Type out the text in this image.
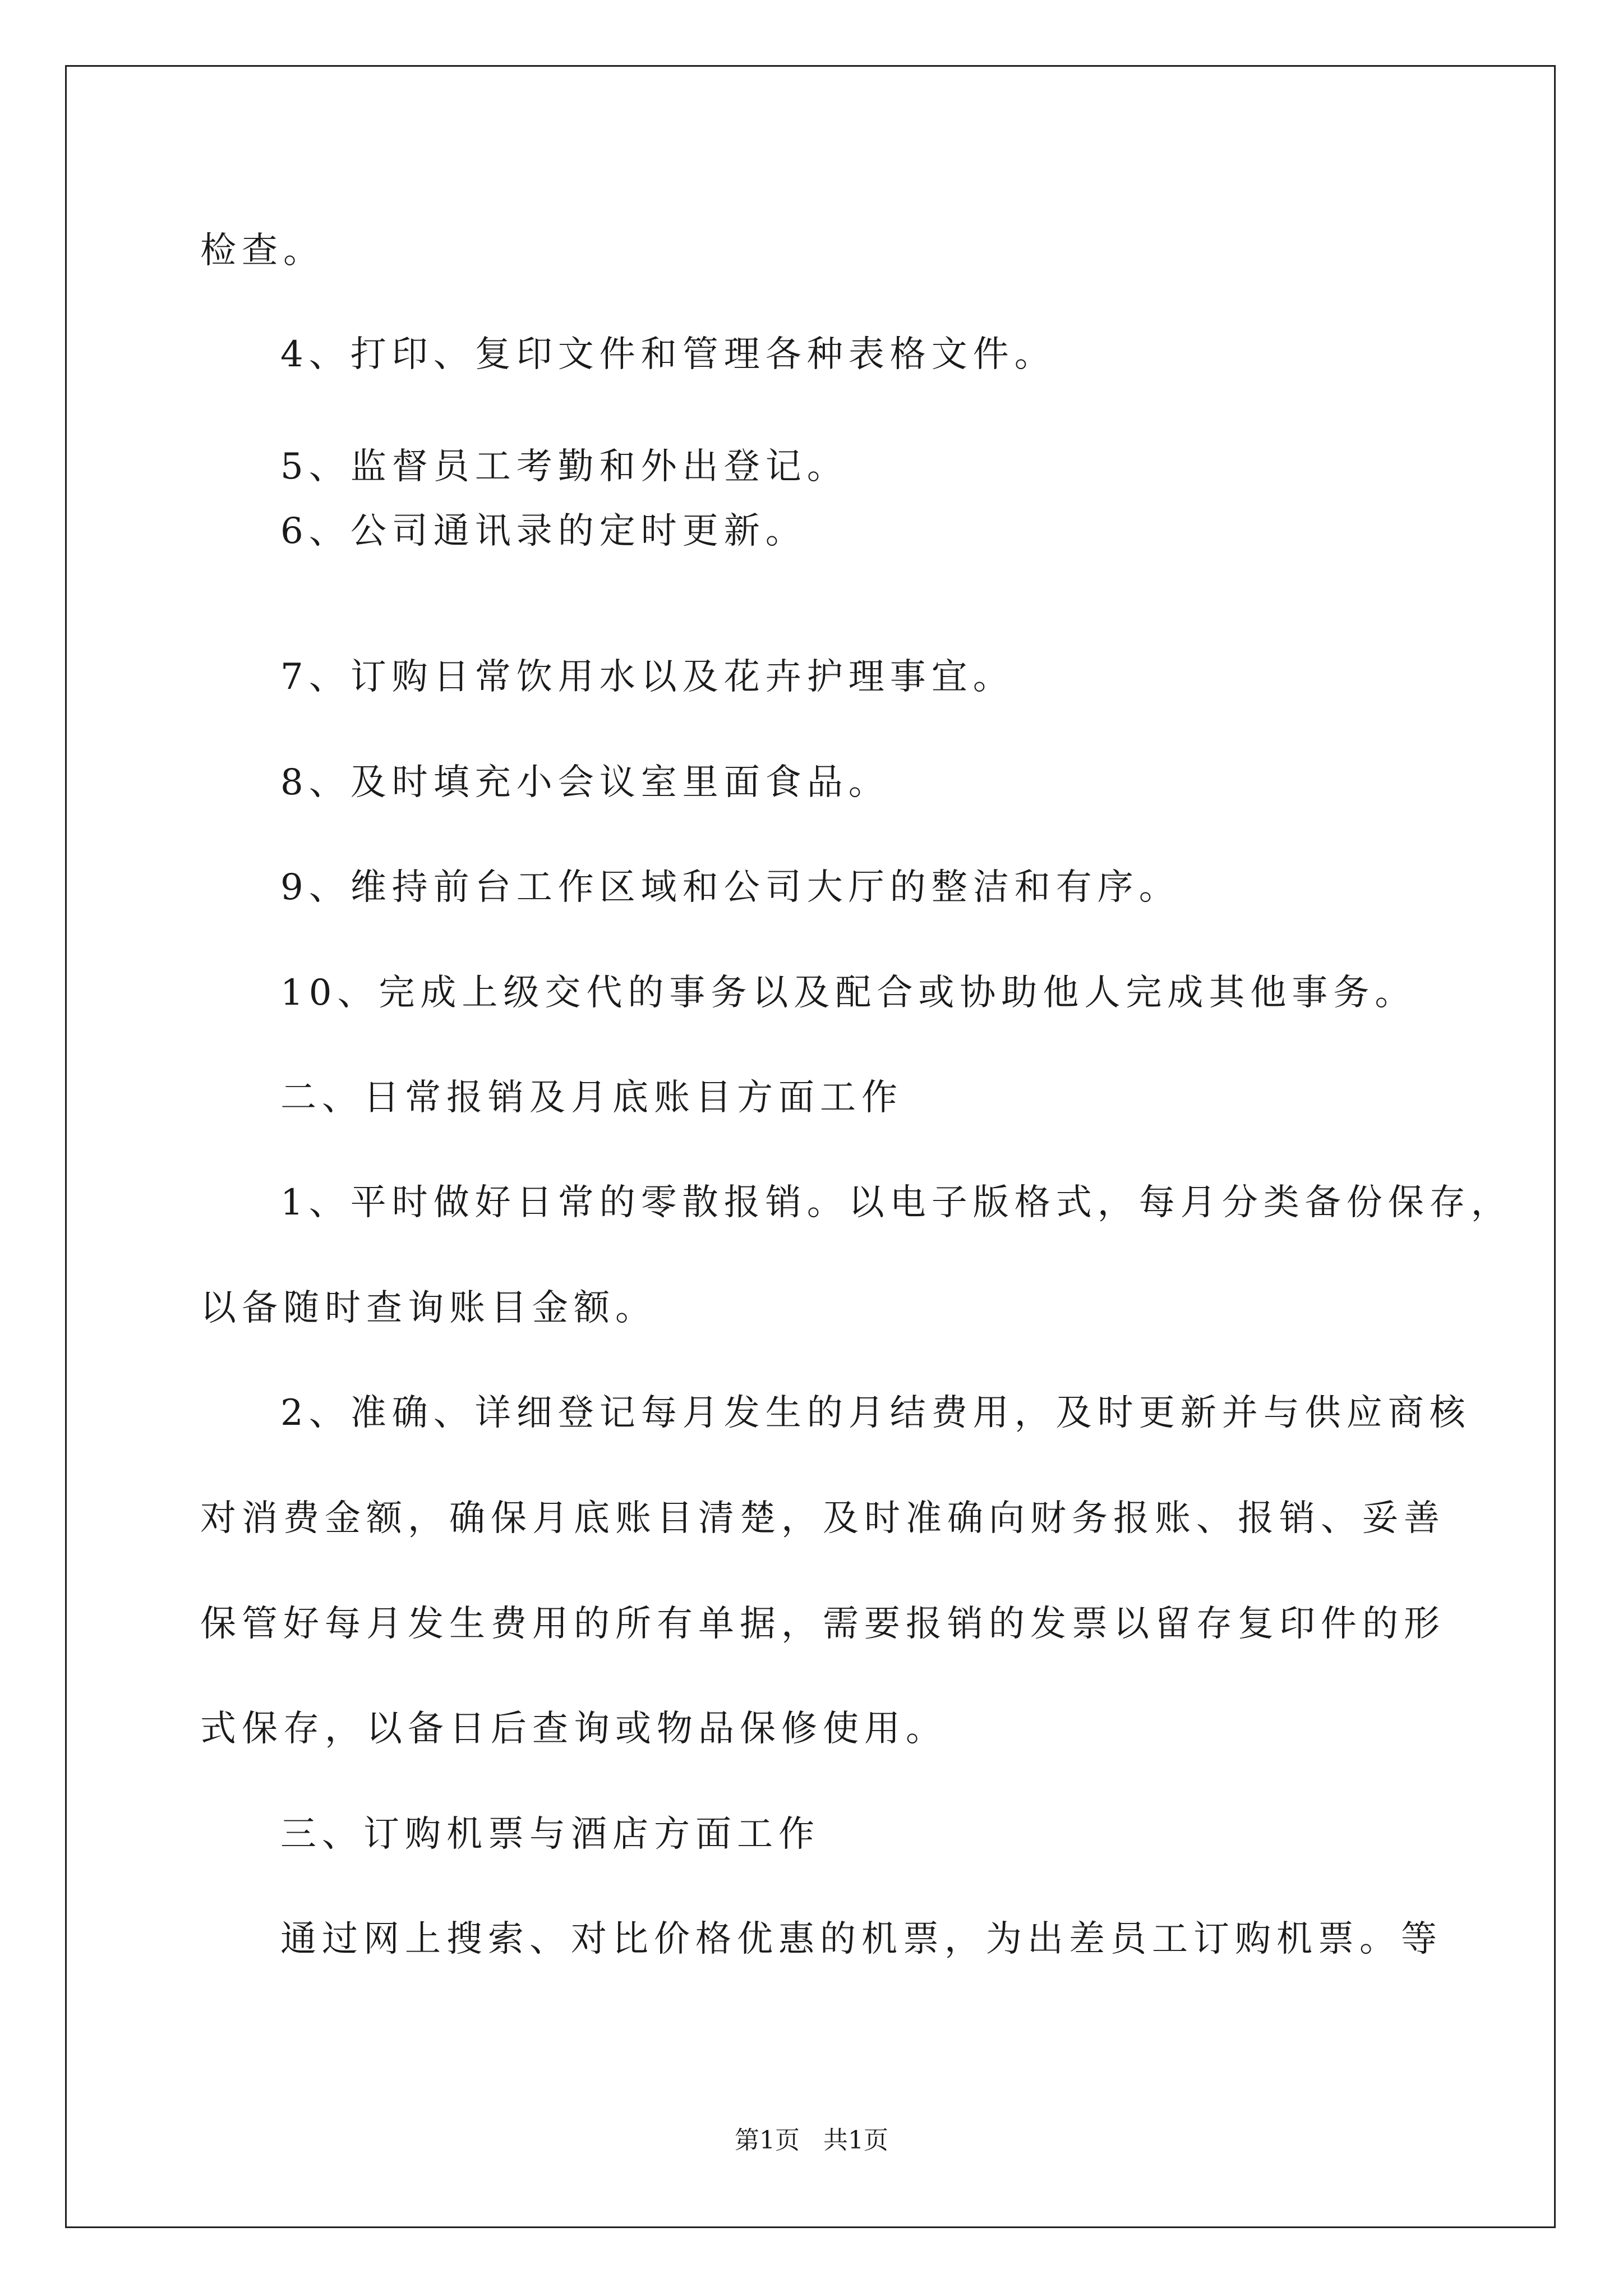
检查。
4、打印、复印文件和管理各种表格文件。
5、监督员工考勤和外出登记。
6、公司通讯录的定时更新。
7、订购日常饮用水以及花卉护理事宜。
8、及时填充小会议室里面食品。
9、维持前台工作区域和公司大厅的整洁和有序。
10、完成上级交代的事务以及配合或协助他人完成其他事务。
二、日常报销及月底账目方面工作
1、平时做好日常的零散报销。以电子版格式，每月分类备份保存，
以备随时查询账目金额。
2、准确、详细登记每月发生的月结费用，及时更新并与供应商核
对消费金额，确保月底账目清楚，及时准确向财务报账、报销、妥善
保管好每月发生费用的所有单据，需要报销的发票以留存复印件的形
式保存，以备日后查询或物品保修使用。
三、订购机票与酒店方面工作
通过网上搜索、对比价格优惠的机票，为出差员工订购机票。等
第1页   共1页
